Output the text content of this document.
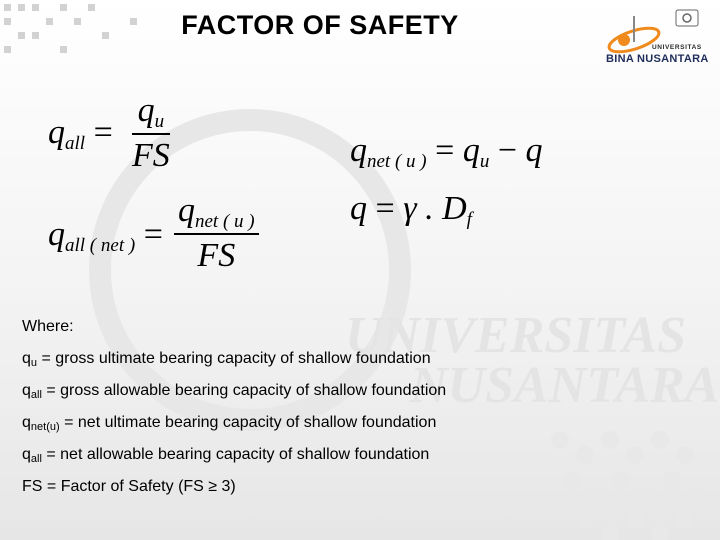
UNIVERSITAS
NUSANTARA
FACTOR OF SAFETY
UNIVERSITAS
BINA NUSANTARA
qall = $\frac{qu}{FS}$
qall ( net ) =
qnet ( u )
FS
qnet ( u ) = qu − q
q = γ . Df

Where:

$q_u$ = gross ultimate bearing capacity of shallow foundation

$q_{all}$ = gross allowable bearing capacity of shallow foundation

$q_{net(u)}$ = net ultimate bearing capacity of shallow foundation

$q_{all}$ = net allowable bearing capacity of shallow foundation

FS = Factor of Safety (FS ≥ 3)
